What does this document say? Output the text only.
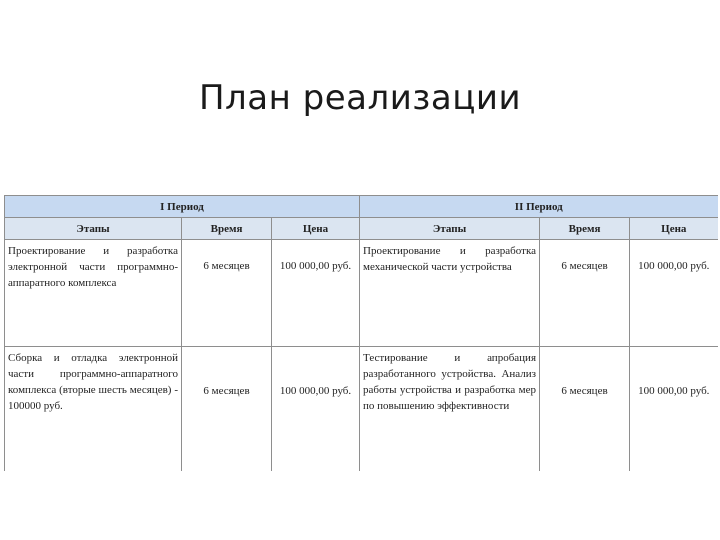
План реализации
I Период			II Период		
Этапы	Время	Цена	Этапы	Время	Цена
Проектирование и разработка электронной части программно-аппаратного комплекса	6 месяцев	100 000,00 руб.	Проектирование и разработка механической части устройства	6 месяцев	100 000,00 руб.
Сборка и отладка электронной части программно-аппаратного комплекса (вторые шесть месяцев) - 100000 руб.	6 месяцев	100 000,00 руб.	Тестирование и апробация разработанного устройства. Анализ работы устройства и разработка мер по повышению эффективности	6 месяцев	100 000,00 руб.
